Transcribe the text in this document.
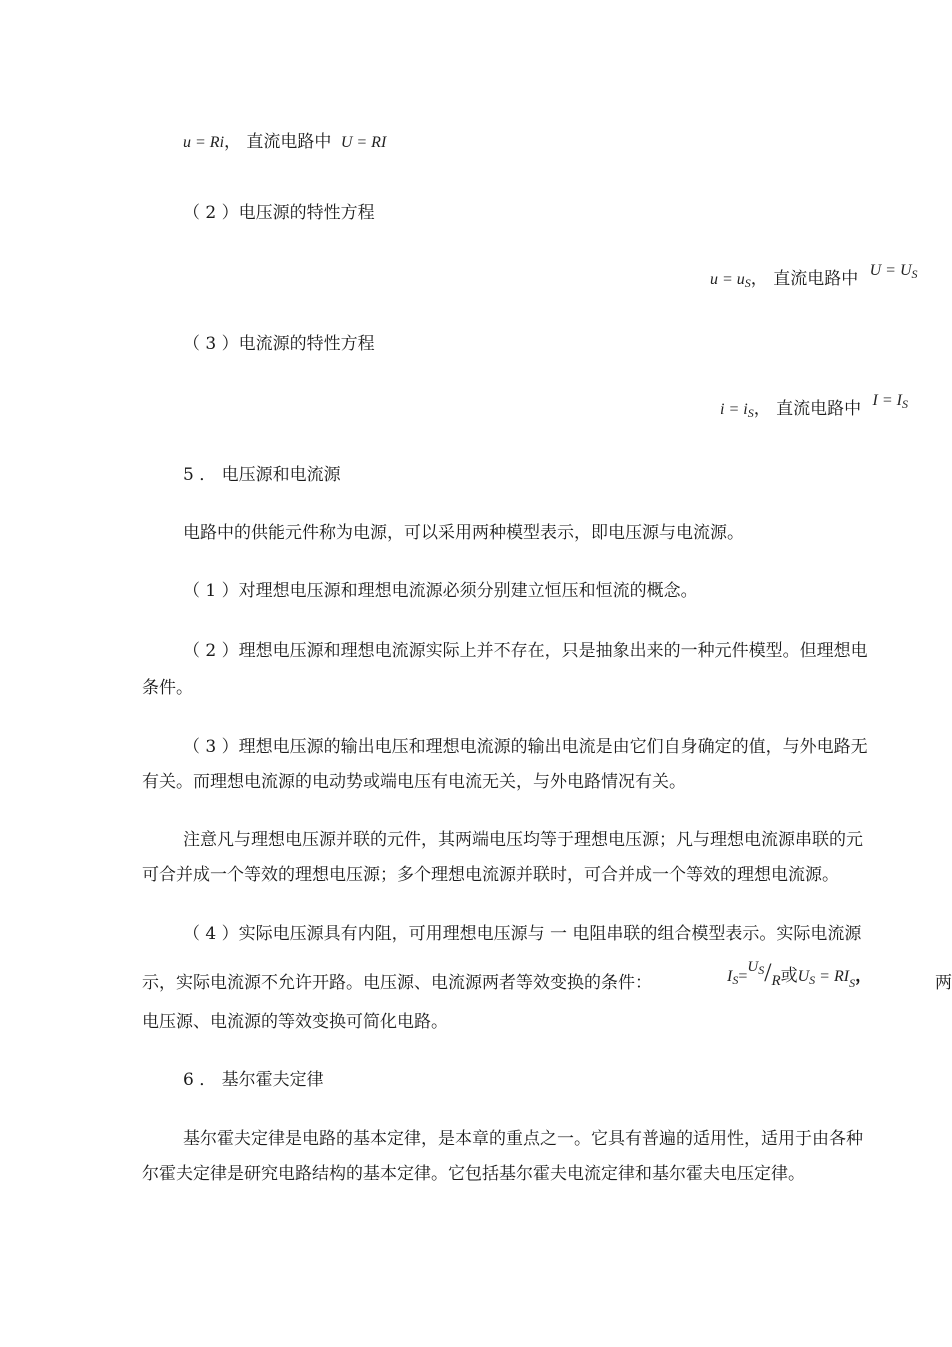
u = Ri， 直流电路中 U = RI
（ 2 ）电压源的特性方程
$u = u_S$， 直流电路中 $U = U_S$
（ 3 ）电流源的特性方程
$i = i_S$， 直流电路中 $I = I_S$
5 ． 电压源和电流源
电路中的供能元件称为电源，可以采用两种模型表示，即电压源与电流源。
（ 1 ）对理想电压源和理想电流源必须分别建立恒压和恒流的概念。
（ 2 ）理想电压源和理想电流源实际上并不存在，只是抽象出来的一种元件模型。但理想电
条件。
（ 3 ）理想电压源的输出电压和理想电流源的输出电流是由它们自身确定的值，与外电路无
有关。而理想电流源的电动势或端电压有电流无关，与外电路情况有关。
注意凡与理想电压源并联的元件，其两端电压均等于理想电压源；凡与理想电流源串联的元
可合并成一个等效的理想电压源；多个理想电流源并联时，可合并成一个等效的理想电流源。
（ 4 ）实际电压源具有内阻，可用理想电压源与 一 电阻串联的组合模型表示。实际电流源
示，实际电流源不允许开路。电压源、电流源两者等效变换的条件：	$I_S=U_S/R$或$U_S = RI_S$，	两
电压源、电流源的等效变换可简化电路。
6 ． 基尔霍夫定律
基尔霍夫定律是电路的基本定律，是本章的重点之一。它具有普遍的适用性，适用于由各种
尔霍夫定律是研究电路结构的基本定律。它包括基尔霍夫电流定律和基尔霍夫电压定律。
